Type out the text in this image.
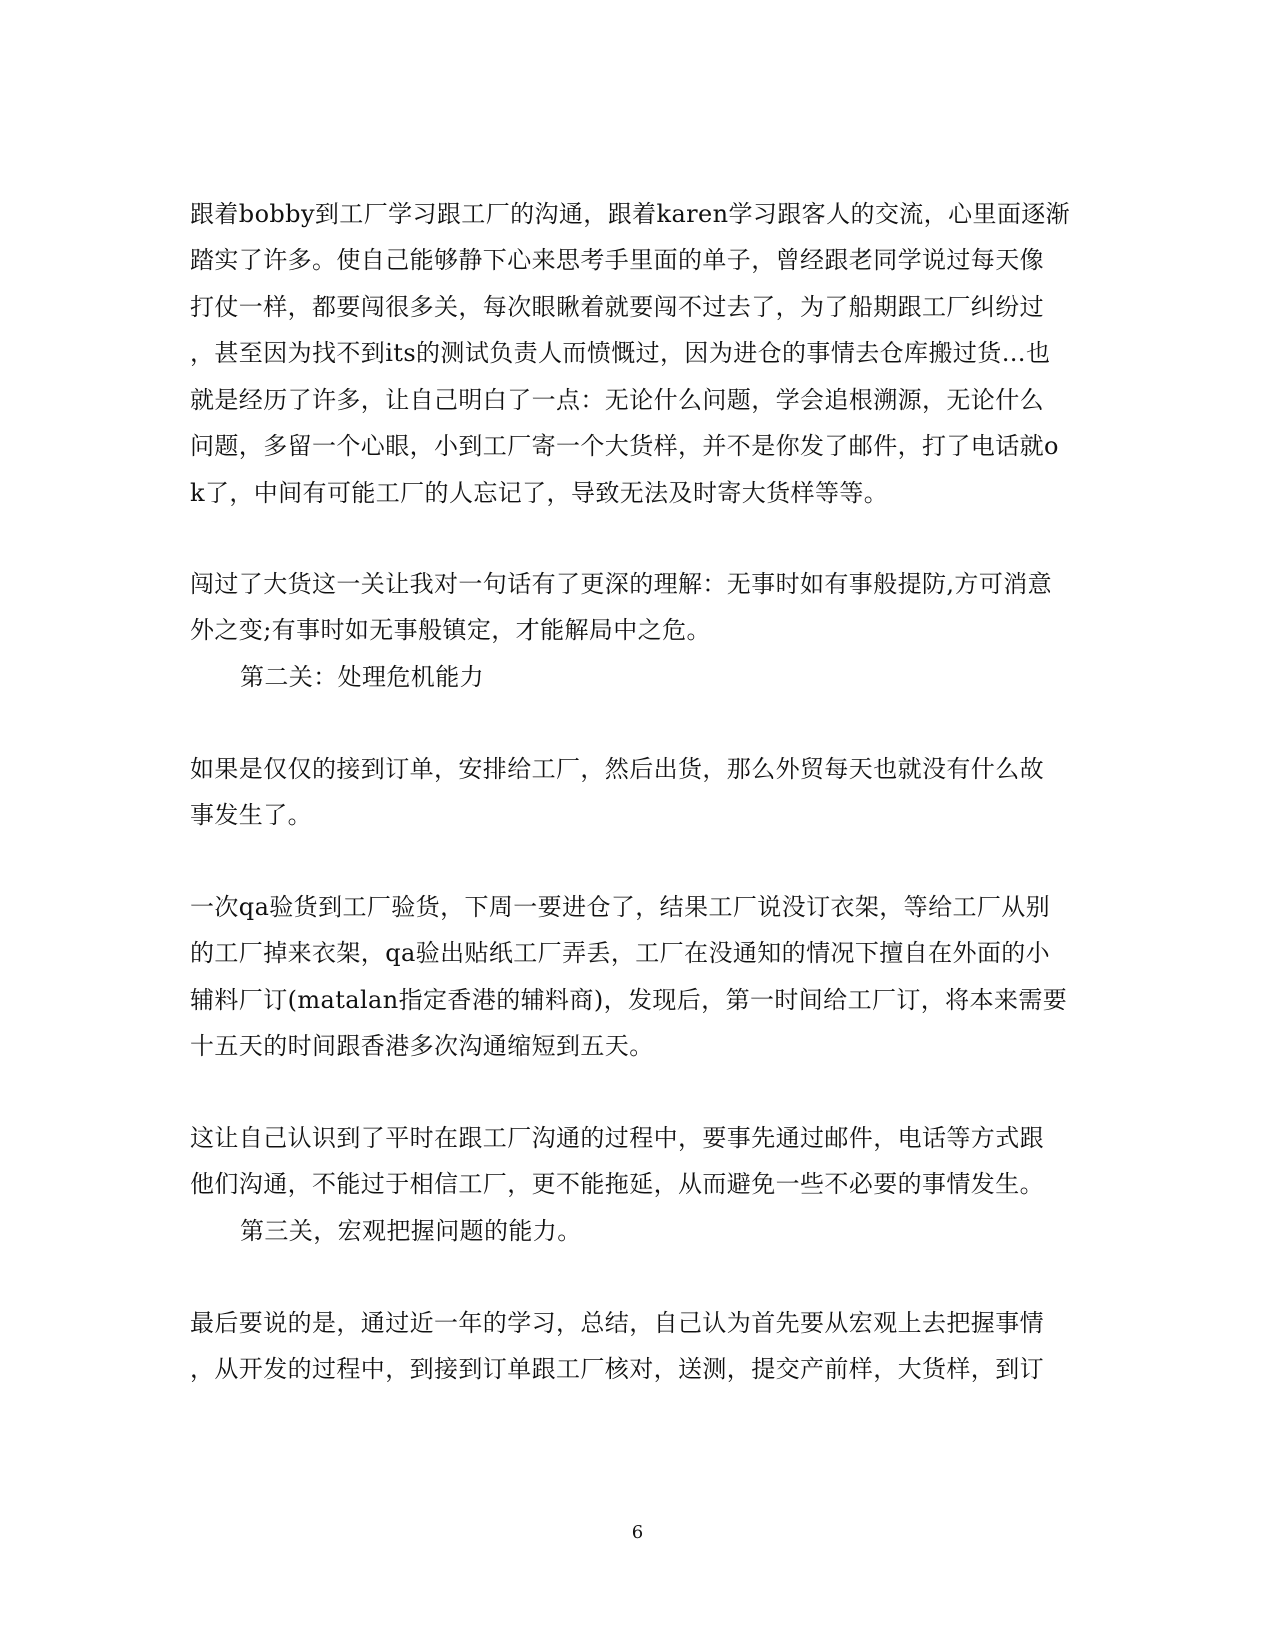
跟着bobby到工厂学习跟工厂的沟通，跟着karen学习跟客人的交流，心里面逐渐
踏实了许多。使自己能够静下心来思考手里面的单子，曾经跟老同学说过每天像
打仗一样，都要闯很多关，每次眼瞅着就要闯不过去了，为了船期跟工厂纠纷过
，甚至因为找不到its的测试负责人而愤慨过，因为进仓的事情去仓库搬过货…也
就是经历了许多，让自己明白了一点：无论什么问题，学会追根溯源，无论什么
问题，多留一个心眼，小到工厂寄一个大货样，并不是你发了邮件，打了电话就o
k了，中间有可能工厂的人忘记了，导致无法及时寄大货样等等。
闯过了大货这一关让我对一句话有了更深的理解：无事时如有事般提防,方可消意
外之变;有事时如无事般镇定，才能解局中之危。
第二关：处理危机能力
如果是仅仅的接到订单，安排给工厂，然后出货，那么外贸每天也就没有什么故
事发生了。
一次qa验货到工厂验货，下周一要进仓了，结果工厂说没订衣架，等给工厂从别
的工厂掉来衣架，qa验出贴纸工厂弄丢，工厂在没通知的情况下擅自在外面的小
辅料厂订(matalan指定香港的辅料商)，发现后，第一时间给工厂订，将本来需要
十五天的时间跟香港多次沟通缩短到五天。
这让自己认识到了平时在跟工厂沟通的过程中，要事先通过邮件，电话等方式跟
他们沟通，不能过于相信工厂，更不能拖延，从而避免一些不必要的事情发生。
第三关，宏观把握问题的能力。
最后要说的是，通过近一年的学习，总结，自己认为首先要从宏观上去把握事情
，从开发的过程中，到接到订单跟工厂核对，送测，提交产前样，大货样，到订
6
